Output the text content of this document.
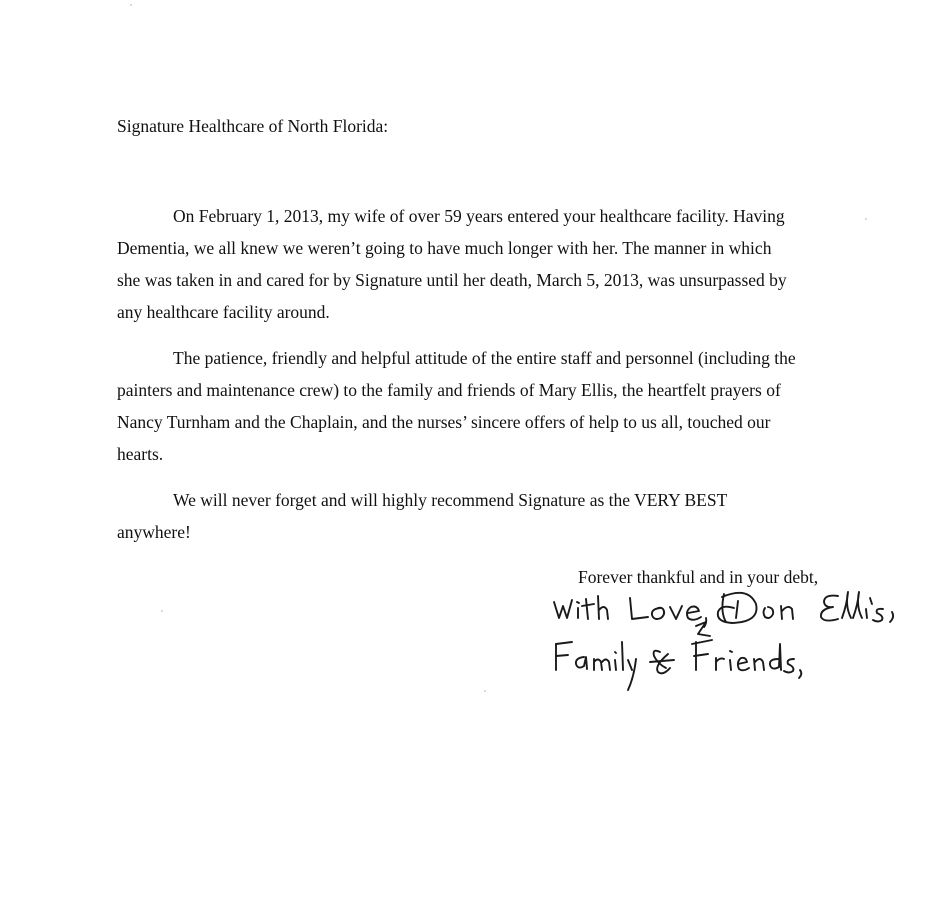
Signature Healthcare of North Florida:

On February 1, 2013, my wife of over 59 years entered your healthcare facility. Having
Dementia, we all knew we weren’t going to have much longer with her. The manner in which
she was taken in and cared for by Signature until her death, March 5, 2013, was unsurpassed by
any healthcare facility around.

The patience, friendly and helpful attitude of the entire staff and personnel (including the
painters and maintenance crew) to the family and friends of Mary Ellis, the heartfelt prayers of
Nancy Turnham and the Chaplain, and the nurses’ sincere offers of help to us all, touched our
hearts.

We will never forget and will highly recommend Signature as the VERY BEST
anywhere!

Forever thankful and in your debt,
